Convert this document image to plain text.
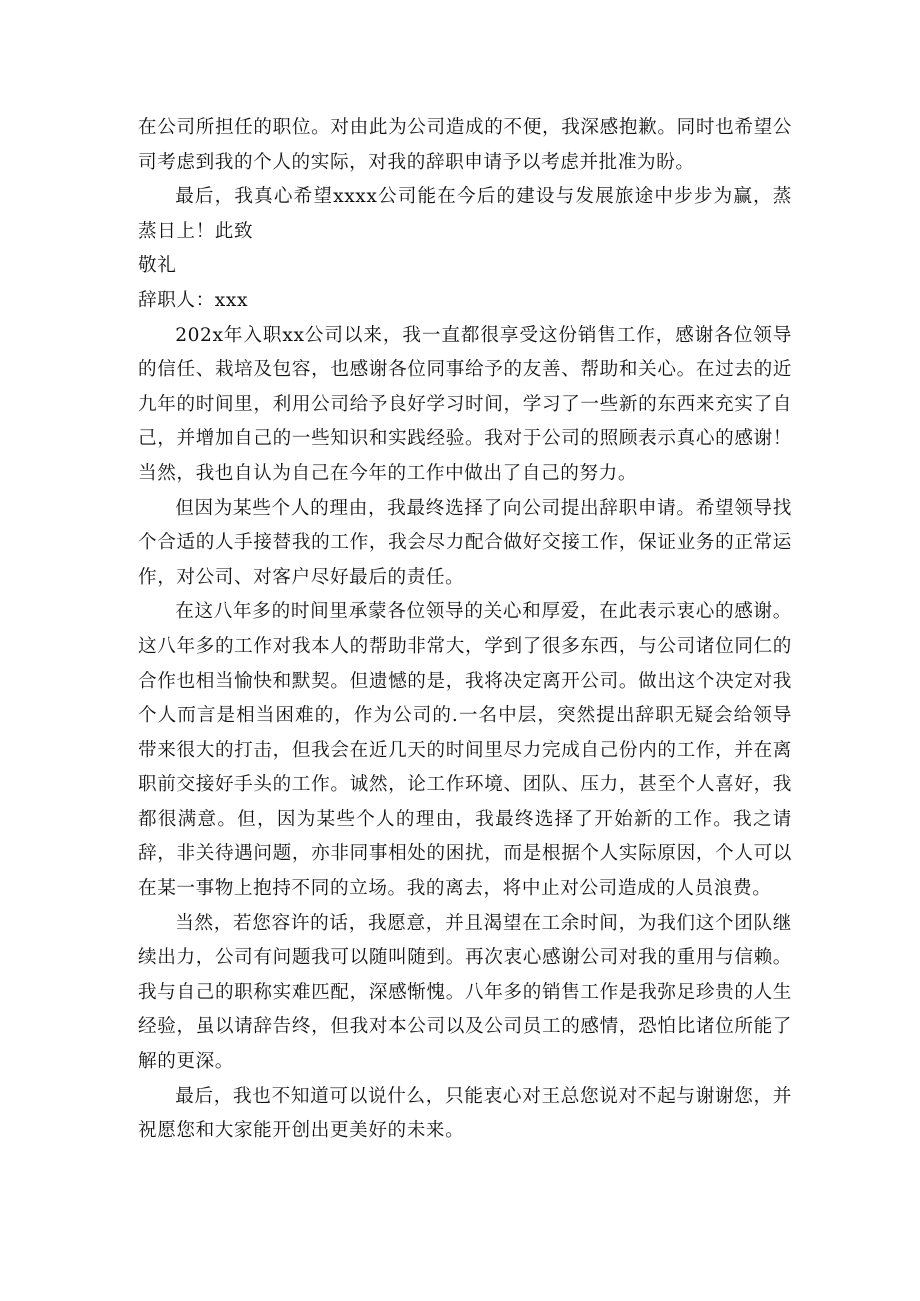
在公司所担任的职位。对由此为公司造成的不便，我深感抱歉。同时也希望公司考虑到我的个人的实际，对我的辞职申请予以考虑并批准为盼。

最后，我真心希望xxxx公司能在今后的建设与发展旅途中步步为赢，蒸蒸日上！此致

敬礼

辞职人：xxx

202x年入职xx公司以来，我一直都很享受这份销售工作，感谢各位领导的信任、栽培及包容，也感谢各位同事给予的友善、帮助和关心。在过去的近九年的时间里，利用公司给予良好学习时间，学习了一些新的东西来充实了自己，并增加自己的一些知识和实践经验。我对于公司的照顾表示真心的感谢！当然，我也自认为自己在今年的工作中做出了自己的努力。

但因为某些个人的理由，我最终选择了向公司提出辞职申请。希望领导找个合适的人手接替我的工作，我会尽力配合做好交接工作，保证业务的正常运作，对公司、对客户尽好最后的责任。

在这八年多的时间里承蒙各位领导的关心和厚爱，在此表示衷心的感谢。这八年多的工作对我本人的帮助非常大，学到了很多东西，与公司诸位同仁的合作也相当愉快和默契。但遗憾的是，我将决定离开公司。做出这个决定对我个人而言是相当困难的，作为公司的.一名中层，突然提出辞职无疑会给领导带来很大的打击，但我会在近几天的时间里尽力完成自己份内的工作，并在离职前交接好手头的工作。诚然，论工作环境、团队、压力，甚至个人喜好，我都很满意。但，因为某些个人的理由，我最终选择了开始新的工作。我之请辞，非关待遇问题，亦非同事相处的困扰，而是根据个人实际原因，个人可以在某一事物上抱持不同的立场。我的离去，将中止对公司造成的人员浪费。

当然，若您容许的话，我愿意，并且渴望在工余时间，为我们这个团队继续出力，公司有问题我可以随叫随到。再次衷心感谢公司对我的重用与信赖。我与自己的职称实难匹配，深感惭愧。八年多的销售工作是我弥足珍贵的人生经验，虽以请辞告终，但我对本公司以及公司员工的感情，恐怕比诸位所能了解的更深。

最后，我也不知道可以说什么，只能衷心对王总您说对不起与谢谢您，并祝愿您和大家能开创出更美好的未来。
